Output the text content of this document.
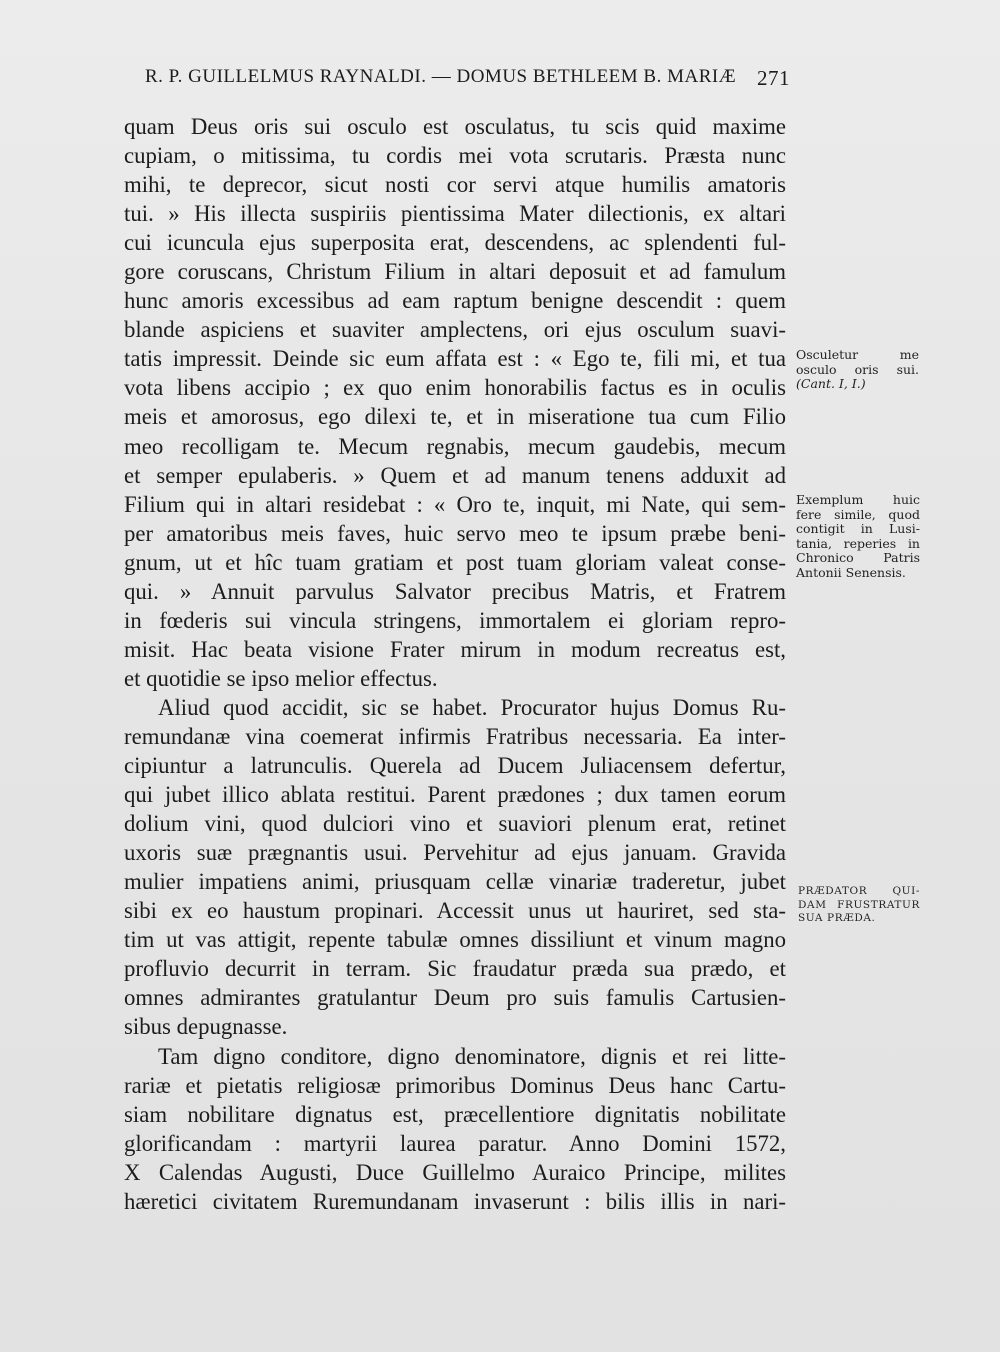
R. P. GUILLELMUS RAYNALDI. — DOMUS BETHLEEM B. MARIÆ 271
quam Deus oris sui osculo est osculatus, tu scis quid maxime
cupiam, o mitissima, tu cordis mei vota scrutaris. Præsta nunc
mihi, te deprecor, sicut nosti cor servi atque humilis amatoris
tui. » His illecta suspiriis pientissima Mater dilectionis, ex altari
cui icuncula ejus superposita erat, descendens, ac splendenti ful-
gore coruscans, Christum Filium in altari deposuit et ad famulum
hunc amoris excessibus ad eam raptum benigne descendit : quem
blande aspiciens et suaviter amplectens, ori ejus osculum suavi-
tatis impressit. Deinde sic eum affata est : « Ego te, fili mi, et tua
vota libens accipio ; ex quo enim honorabilis factus es in oculis
meis et amorosus, ego dilexi te, et in miseratione tua cum Filio
meo recolligam te. Mecum regnabis, mecum gaudebis, mecum
et semper epulaberis. » Quem et ad manum tenens adduxit ad
Filium qui in altari residebat : « Oro te, inquit, mi Nate, qui sem-
per amatoribus meis faves, huic servo meo te ipsum præbe beni-
gnum, ut et hîc tuam gratiam et post tuam gloriam valeat conse-
qui. » Annuit parvulus Salvator precibus Matris, et Fratrem
in fœderis sui vincula stringens, immortalem ei gloriam repro-
misit. Hac beata visione Frater mirum in modum recreatus est,
et quotidie se ipso melior effectus.
Aliud quod accidit, sic se habet. Procurator hujus Domus Ru-
remundanæ vina coemerat infirmis Fratribus necessaria. Ea inter-
cipiuntur a latrunculis. Querela ad Ducem Juliacensem defertur,
qui jubet illico ablata restitui. Parent prædones ; dux tamen eorum
dolium vini, quod dulciori vino et suaviori plenum erat, retinet
uxoris suæ prægnantis usui. Pervehitur ad ejus januam. Gravida
mulier impatiens animi, priusquam cellæ vinariæ traderetur, jubet
sibi ex eo haustum propinari. Accessit unus ut hauriret, sed sta-
tim ut vas attigit, repente tabulæ omnes dissiliunt et vinum magno
profluvio decurrit in terram. Sic fraudatur præda sua prædo, et
omnes admirantes gratulantur Deum pro suis famulis Cartusien-
sibus depugnasse.
Tam digno conditore, digno denominatore, dignis et rei litte-
rariæ et pietatis religiosæ primoribus Dominus Deus hanc Cartu-
siam nobilitare dignatus est, præcellentiore dignitatis nobilitate
glorificandam : martyrii laurea paratur. Anno Domini 1572,
X Calendas Augusti, Duce Guillelmo Auraico Principe, milites
hæretici civitatem Ruremundanam invaserunt : bilis illis in nari-
Osculetur me
osculo oris sui.
(Cant. I, I.)
Exemplum huic
fere simile, quod
contigit in Lusi-
tania, reperies in
Chronico Patris
Antonii Senensis.
PRÆDATOR QUI-
DAM FRUSTRATUR
SUA PRÆDA.
